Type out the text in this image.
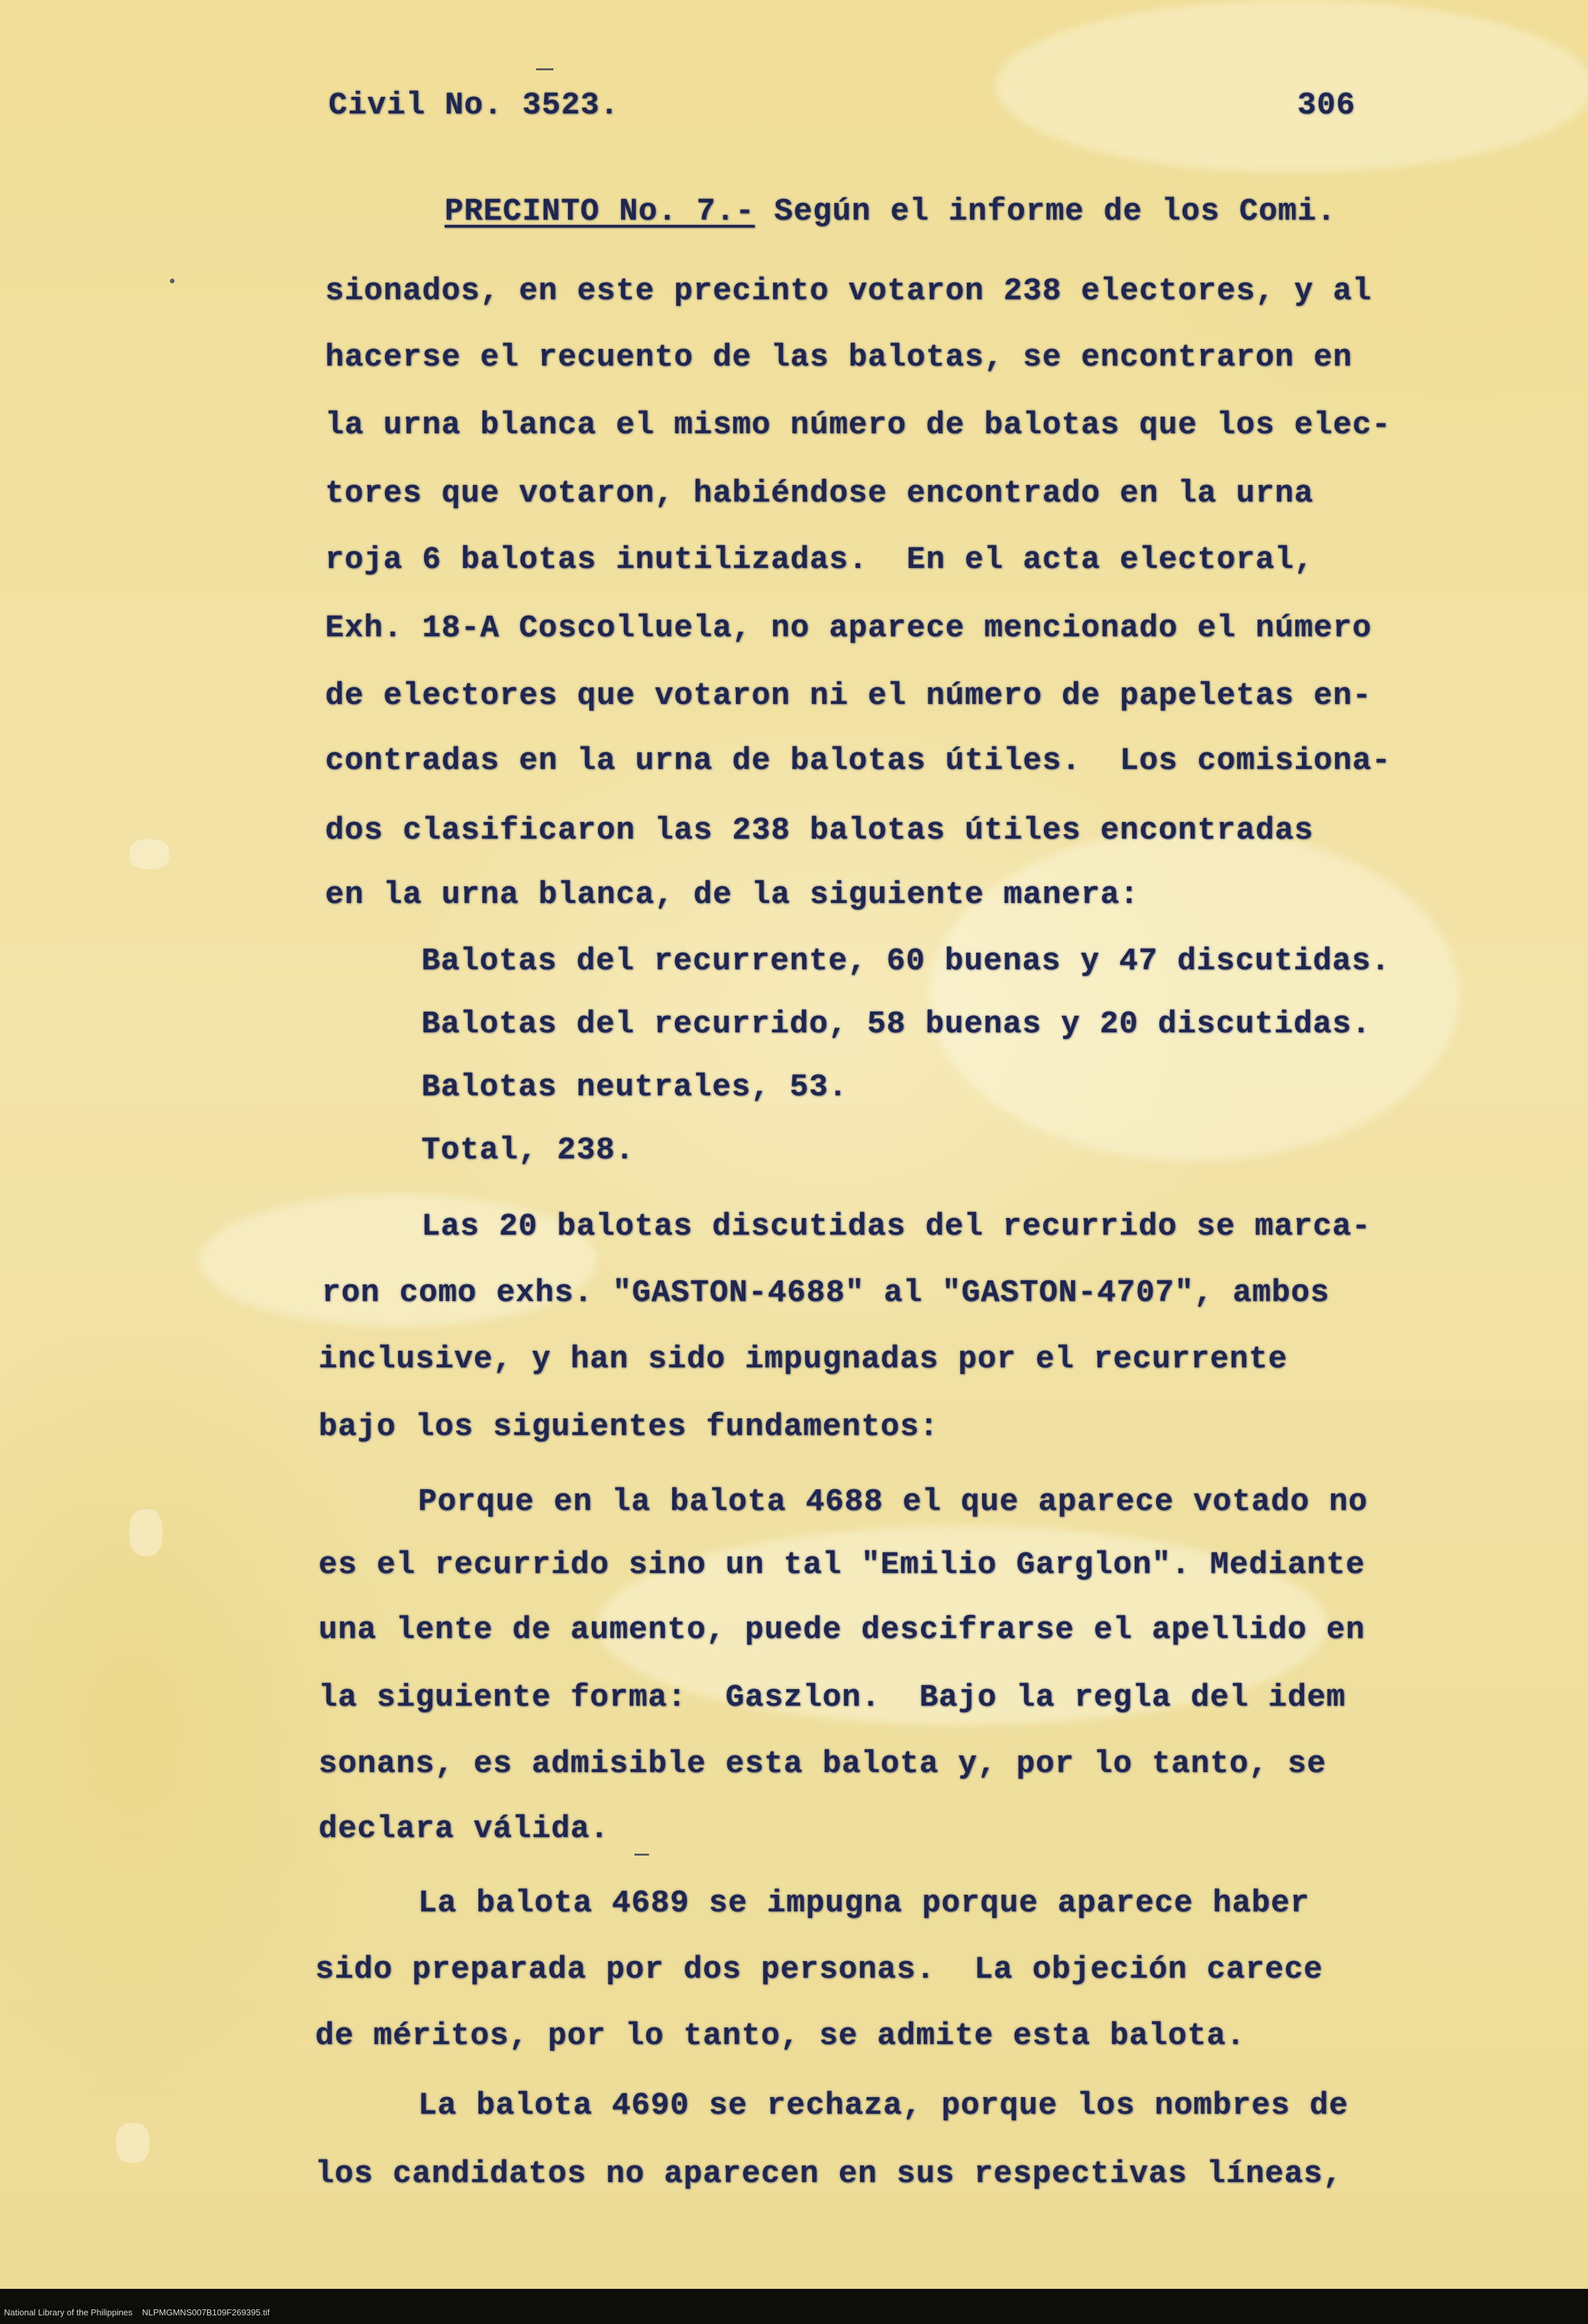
Civil No. 3523.	306
PRECINTO No. 7.- Según el informe de los Comi.
sionados, en este precinto votaron 238 electores, y al
hacerse el recuento de las balotas, se encontraron en
la urna blanca el mismo número de balotas que los elec-
tores que votaron, habiéndose encontrado en la urna
roja 6 balotas inutilizadas.  En el acta electoral,
Exh. 18-A Coscolluela, no aparece mencionado el número
de electores que votaron ni el número de papeletas en-
contradas en la urna de balotas útiles.  Los comisiona-
dos clasificaron las 238 balotas útiles encontradas
en la urna blanca, de la siguiente manera:
Balotas del recurrente, 60 buenas y 47 discutidas.
Balotas del recurrido, 58 buenas y 20 discutidas.
Balotas neutrales, 53.
Total, 238.
Las 20 balotas discutidas del recurrido se marca-
ron como exhs. "GASTON-4688" al "GASTON-4707", ambos
inclusive, y han sido impugnadas por el recurrente
bajo los siguientes fundamentos:
Porque en la balota 4688 el que aparece votado no
es el recurrido sino un tal "Emilio Garglon". Mediante
una lente de aumento, puede descifrarse el apellido en
la siguiente forma:  Gaszlon.  Bajo la regla del idem
sonans, es admisible esta balota y, por lo tanto, se
declara válida.
La balota 4689 se impugna porque aparece haber
sido preparada por dos personas.  La objeción carece
de méritos, por lo tanto, se admite esta balota.
La balota 4690 se rechaza, porque los nombres de
los candidatos no aparecen en sus respectivas líneas,
National Library of the Philippines NLPMGMNS007B109F269395.tif
